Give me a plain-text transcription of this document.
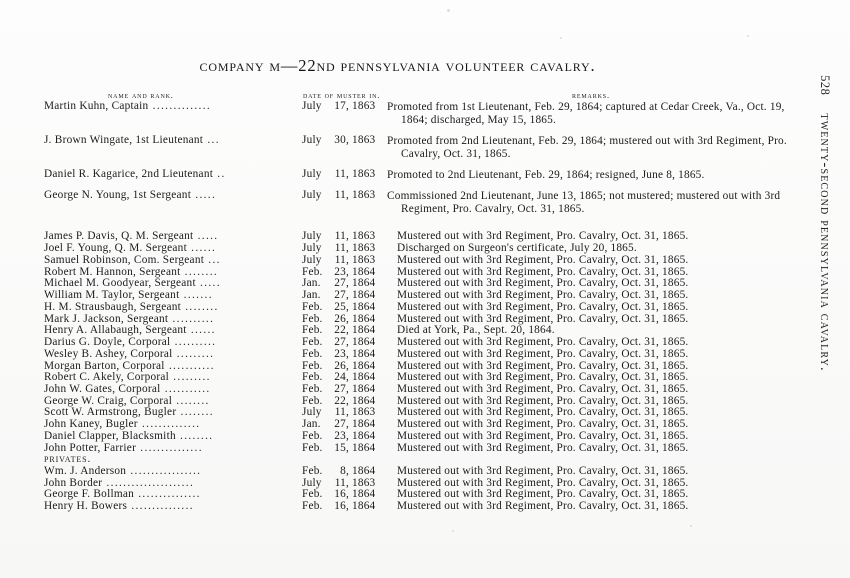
company m—22nd pennsylvania volunteer cavalry.
name and rank.	date of muster in.	remarks.
Martin Kuhn, Captain ..............	July 17, 1863	Promoted from 1st Lieutenant, Feb. 29, 1864; captured at Cedar Creek, Va., Oct. 19, 1864; discharged, May 15, 1865.
J. Brown Wingate, 1st Lieutenant ...	July 30, 1863	Promoted from 2nd Lieutenant, Feb. 29, 1864; mustered out with 3rd Regiment, Pro. Cavalry, Oct. 31, 1865.
Daniel R. Kagarice, 2nd Lieutenant ..	July 11, 1863	Promoted to 2nd Lieutenant, Feb. 29, 1864; resigned, June 8, 1865.
George N. Young, 1st Sergeant .....	July 11, 1863	Commissioned 2nd Lieutenant, June 13, 1865; not mustered; mustered out with 3rd Regiment, Pro. Cavalry, Oct. 31, 1865.

James P. Davis, Q. M. Sergeant .....	July 11, 1863	Mustered out with 3rd Regiment, Pro. Cavalry, Oct. 31, 1865.
Joel F. Young, Q. M. Sergeant ......	July 11, 1863	Discharged on Surgeon's certificate, July 20, 1865.
Samuel Robinson, Com. Sergeant ...	July 11, 1863	Mustered out with 3rd Regiment, Pro. Cavalry, Oct. 31, 1865.
Robert M. Hannon, Sergeant ........	Feb. 23, 1864	Mustered out with 3rd Regiment, Pro. Cavalry, Oct. 31, 1865.
Michael M. Goodyear, Sergeant .....	Jan. 27, 1864	Mustered out with 3rd Regiment, Pro. Cavalry, Oct. 31, 1865.
William M. Taylor, Sergeant .......	Jan. 27, 1864	Mustered out with 3rd Regiment, Pro. Cavalry, Oct. 31, 1865.
H. M. Strausbaugh, Sergeant ........	Feb. 25, 1864	Mustered out with 3rd Regiment, Pro. Cavalry, Oct. 31, 1865.
Mark J. Jackson, Sergeant ..........	Feb. 26, 1864	Mustered out with 3rd Regiment, Pro. Cavalry, Oct. 31, 1865.
Henry A. Allabaugh, Sergeant ......	Feb. 22, 1864	Died at York, Pa., Sept. 20, 1864.
Darius G. Doyle, Corporal ..........	Feb. 27, 1864	Mustered out with 3rd Regiment, Pro. Cavalry, Oct. 31, 1865.
Wesley B. Ashey, Corporal .........	Feb. 23, 1864	Mustered out with 3rd Regiment, Pro. Cavalry, Oct. 31, 1865.
Morgan Barton, Corporal ...........	Feb. 26, 1864	Mustered out with 3rd Regiment, Pro. Cavalry, Oct. 31, 1865.
Robert C. Akely, Corporal .........	Feb. 24, 1864	Mustered out with 3rd Regiment, Pro. Cavalry, Oct. 31, 1865.
John W. Gates, Corporal ...........	Feb. 27, 1864	Mustered out with 3rd Regiment, Pro. Cavalry, Oct. 31, 1865.
George W. Craig, Corporal ........	Feb. 22, 1864	Mustered out with 3rd Regiment, Pro. Cavalry, Oct. 31, 1865.
Scott W. Armstrong, Bugler ........	July 11, 1863	Mustered out with 3rd Regiment, Pro. Cavalry, Oct. 31, 1865.
John Kaney, Bugler ..............	Jan. 27, 1864	Mustered out with 3rd Regiment, Pro. Cavalry, Oct. 31, 1865.
Daniel Clapper, Blacksmith ........	Feb. 23, 1864	Mustered out with 3rd Regiment, Pro. Cavalry, Oct. 31, 1865.
John Potter, Farrier ...............	Feb. 15, 1864	Mustered out with 3rd Regiment, Pro. Cavalry, Oct. 31, 1865.
privates.		
Wm. J. Anderson .................	Feb. 8, 1864	Mustered out with 3rd Regiment, Pro. Cavalry, Oct. 31, 1865.
John Border .....................	July 11, 1863	Mustered out with 3rd Regiment, Pro. Cavalry, Oct. 31, 1865.
George F. Bollman ...............	Feb. 16, 1864	Mustered out with 3rd Regiment, Pro. Cavalry, Oct. 31, 1865.
Henry H. Bowers ...............	Feb. 16, 1864	Mustered out with 3rd Regiment, Pro. Cavalry, Oct. 31, 1865.
528
twenty-second pennsylvania cavalry.
